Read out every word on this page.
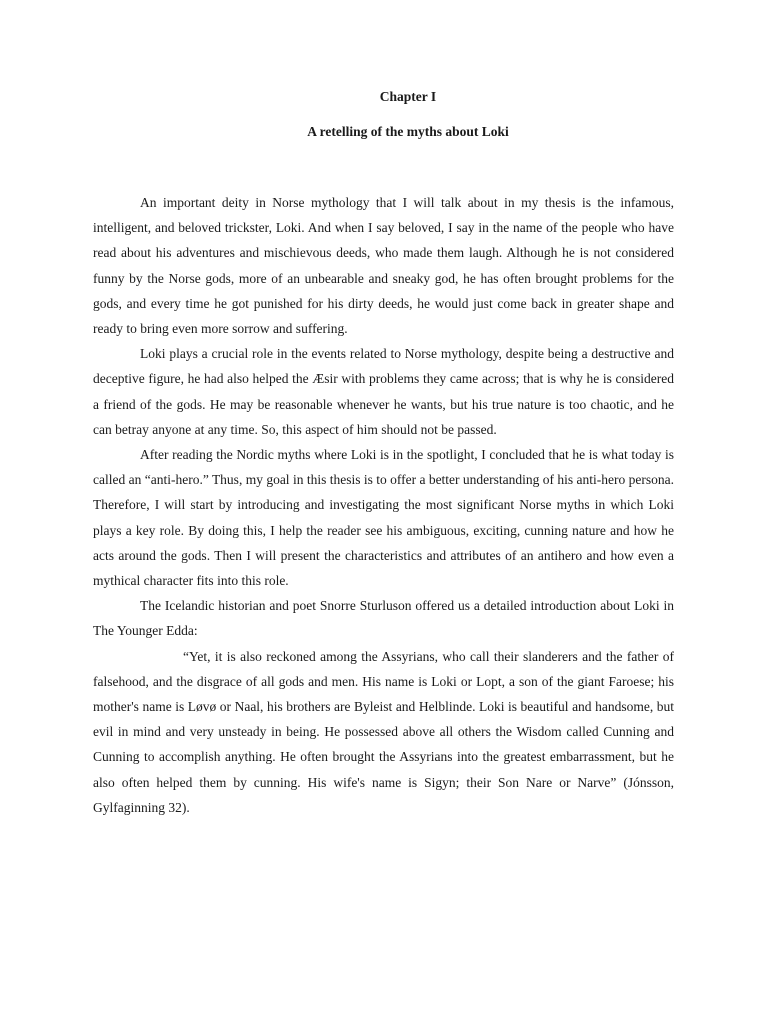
Chapter I
A retelling of the myths about Loki

An important deity in Norse mythology that I will talk about in my thesis is the infamous, intelligent, and beloved trickster, Loki. And when I say beloved, I say in the name of the people who have read about his adventures and mischievous deeds, who made them laugh. Although he is not considered funny by the Norse gods, more of an unbearable and sneaky god, he has often brought problems for the gods, and every time he got punished for his dirty deeds, he would just come back in greater shape and ready to bring even more sorrow and suffering.

Loki plays a crucial role in the events related to Norse mythology, despite being a destructive and deceptive figure, he had also helped the Æsir with problems they came across; that is why he is considered a friend of the gods. He may be reasonable whenever he wants, but his true nature is too chaotic, and he can betray anyone at any time. So, this aspect of him should not be passed.

After reading the Nordic myths where Loki is in the spotlight, I concluded that he is what today is called an “anti-hero.” Thus, my goal in this thesis is to offer a better understanding of his anti-hero persona. Therefore, I will start by introducing and investigating the most significant Norse myths in which Loki plays a key role. By doing this, I help the reader see his ambiguous, exciting, cunning nature and how he acts around the gods. Then I will present the characteristics and attributes of an antihero and how even a mythical character fits into this role.

The Icelandic historian and poet Snorre Sturluson offered us a detailed introduction about Loki in The Younger Edda:

“Yet, it is also reckoned among the Assyrians, who call their slanderers and the father of falsehood, and the disgrace of all gods and men. His name is Loki or Lopt, a son of the giant Faroese; his mother's name is Løvø or Naal, his brothers are Byleist and Helblinde. Loki is beautiful and handsome, but evil in mind and very unsteady in being. He possessed above all others the Wisdom called Cunning and Cunning to accomplish anything. He often brought the Assyrians into the greatest embarrassment, but he also often helped them by cunning. His wife's name is Sigyn; their Son Nare or Narve” (Jónsson, Gylfaginning 32).
